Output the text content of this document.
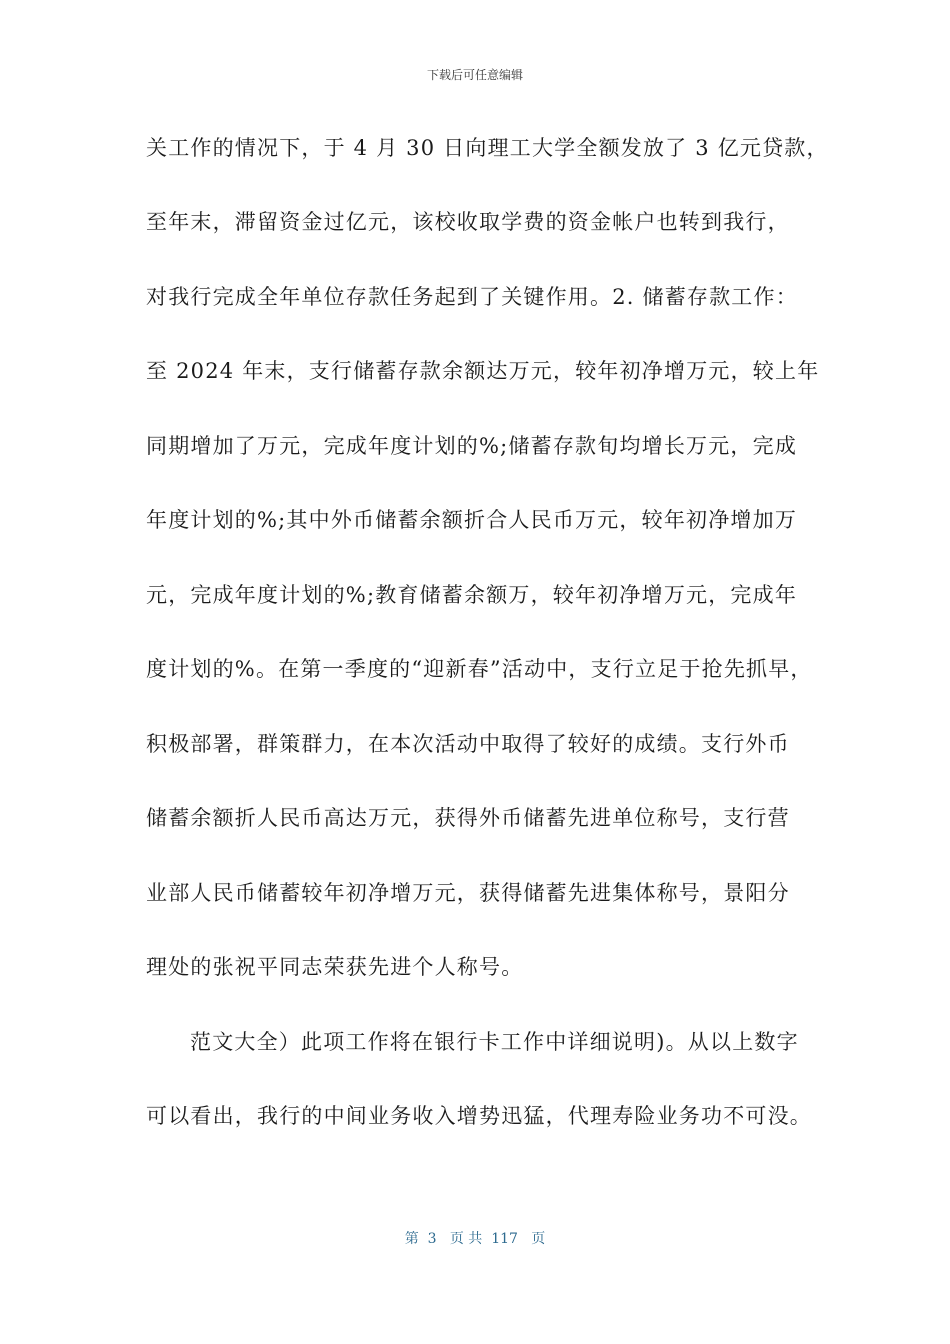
下载后可任意编辑
关工作的情况下，于 4 月 30 日向理工大学全额发放了 3 亿元贷款，
至年末，滞留资金过亿元，该校收取学费的资金帐户也转到我行，
对我行完成全年单位存款任务起到了关键作用。2. 储蓄存款工作：
至 2024 年末，支行储蓄存款余额达万元，较年初净增万元，较上年
同期增加了万元，完成年度计划的%;储蓄存款旬均增长万元，完成
年度计划的%;其中外币储蓄余额折合人民币万元，较年初净增加万
元，完成年度计划的%;教育储蓄余额万，较年初净增万元，完成年
度计划的%。在第一季度的“迎新春”活动中，支行立足于抢先抓早，
积极部署，群策群力，在本次活动中取得了较好的成绩。支行外币
储蓄余额折人民币高达万元，获得外币储蓄先进单位称号，支行营
业部人民币储蓄较年初净增万元，获得储蓄先进集体称号，景阳分
理处的张祝平同志荣获先进个人称号。
范文大全）此项工作将在银行卡工作中详细说明)。从以上数字
可以看出，我行的中间业务收入增势迅猛，代理寿险业务功不可没。
第  3   页 共  117   页
